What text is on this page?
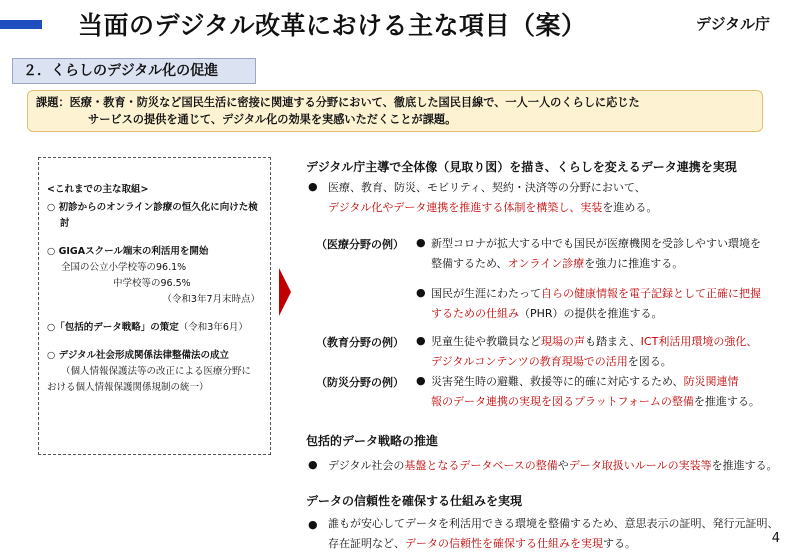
当面のデジタル改革における主な項目（案）	デジタル庁
２．くらしのデジタル化の促進
課題：医療・教育・防災など国民生活に密接に関連する分野において、徹底した国民目線で、一人一人のくらしに応じた
サービスの提供を通じて、デジタル化の効果を実感いただくことが課題。
<これまでの主な取組>
○ 初診からのオンライン診療の恒久化に向けた検
討
○ GIGAスクール端末の利活用を開始
全国の公立小学校等の96.1%
中学校等の96.5%
（令和3年7月末時点）
○「包括的データ戦略」の策定（令和3年6月）
○ デジタル社会形成関係法律整備法の成立
（個人情報保護法等の改正による医療分野に
おける個人情報保護関係規制の統一）
デジタル庁主導で全体像（見取り図）を描き、くらしを変えるデータ連携を実現
● 医療、教育、防災、モビリティ、契約・決済等の分野において、
デジタル化やデータ連携を推進する体制を構築し、実装を進める。
（医療分野の例） ● 新型コロナが拡大する中でも国民が医療機関を受診しやすい環境を
整備するため、オンライン診療を強力に推進する。
● 国民が生涯にわたって自らの健康情報を電子記録として正確に把握
するための仕組み（PHR）の提供を推進する。
（教育分野の例） ● 児童生徒や教職員など現場の声も踏まえ、ICT利活用環境の強化、
デジタルコンテンツの教育現場での活用を図る。
（防災分野の例） ● 災害発生時の避難、救援等に的確に対応するため、防災関連情
報のデータ連携の実現を図るプラットフォームの整備を推進する。
包括的データ戦略の推進
● デジタル社会の基盤となるデータベースの整備やデータ取扱いルールの実装等を推進する。
データの信頼性を確保する仕組みを実現
● 誰もが安心してデータを利活用できる環境を整備するため、意思表示の証明、発行元証明、
存在証明など、データの信頼性を確保する仕組みを実現する。	4
